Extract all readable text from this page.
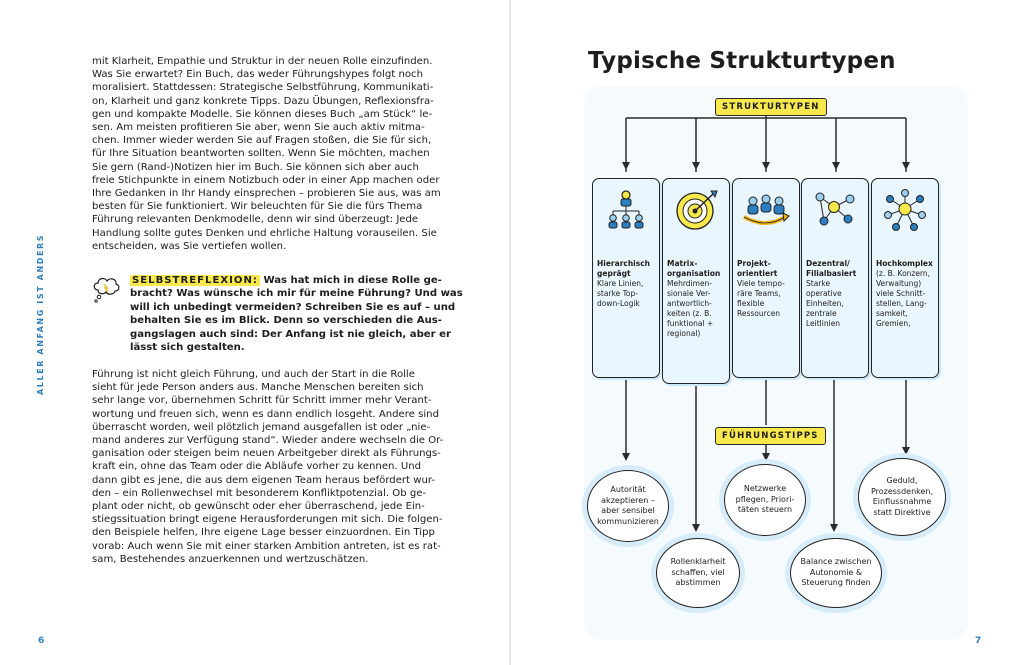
mit Klarheit, Empathie und Struktur in der neuen Rolle einzufinden.
Was Sie erwartet? Ein Buch, das weder Führungshypes folgt noch
moralisiert. Stattdessen: Strategische Selbstführung, Kommunikati-
on, Klarheit und ganz konkrete Tipps. Dazu Übungen, Reflexionsfra-
gen und kompakte Modelle. Sie können dieses Buch „am Stück“ le-
sen. Am meisten profitieren Sie aber, wenn Sie auch aktiv mitma-
chen. Immer wieder werden Sie auf Fragen stoßen, die Sie für sich,
für Ihre Situation beantworten sollten. Wenn Sie möchten, machen
Sie gern (Rand-)Notizen hier im Buch. Sie können sich aber auch
freie Stichpunkte in einem Notizbuch oder in einer App machen oder
Ihre Gedanken in Ihr Handy einsprechen – probieren Sie aus, was am
besten für Sie funktioniert. Wir beleuchten für Sie die fürs Thema
Führung relevanten Denkmodelle, denn wir sind überzeugt: Jede
Handlung sollte gutes Denken und ehrliche Haltung vorauseilen. Sie
entscheiden, was Sie vertiefen wollen.
SELBSTREFLEXION: Was hat mich in diese Rolle ge-
bracht? Was wünsche ich mir für meine Führung? Und was
will ich unbedingt vermeiden? Schreiben Sie es auf – und
behalten Sie es im Blick. Denn so verschieden die Aus-
gangslagen auch sind: Der Anfang ist nie gleich, aber er
lässt sich gestalten.
Führung ist nicht gleich Führung, und auch der Start in die Rolle
sieht für jede Person anders aus. Manche Menschen bereiten sich
sehr lange vor, übernehmen Schritt für Schritt immer mehr Verant-
wortung und freuen sich, wenn es dann endlich losgeht. Andere sind
überrascht worden, weil plötzlich jemand ausgefallen ist oder „nie-
mand anderes zur Verfügung stand“. Wieder andere wechseln die Or-
ganisation oder steigen beim neuen Arbeitgeber direkt als Führungs-
kraft ein, ohne das Team oder die Abläufe vorher zu kennen. Und
dann gibt es jene, die aus dem eigenen Team heraus befördert wur-
den – ein Rollenwechsel mit besonderem Konfliktpotenzial. Ob ge-
plant oder nicht, ob gewünscht oder eher überraschend, jede Ein-
stiegssituation bringt eigene Herausforderungen mit sich. Die folgen-
den Beispiele helfen, Ihre eigene Lage besser einzuordnen. Ein Tipp
vorab: Auch wenn Sie mit einer starken Ambition antreten, ist es rat-
sam, Bestehendes anzuerkennen und wertzuschätzen.
ALLER ANFANG IST ANDERS
6
Typische Strukturtypen
STRUKTURTYPEN
FÜHRUNGSTIPPS
Hierarchisch geprägt
Klare Linien, starke Top-down-Logik
Matrix-organisation
Mehrdimen-sionale Ver-antwortlich-keiten (z. B. funktional + regional)
Projekt-orientiert
Viele tempo-räre Teams, flexible Ressourcen
Dezentral/ Filialbasiert
Starke operative Einheiten, zentrale Leitlinien
Hochkomplex
(z. B. Konzern, Verwaltung) viele Schnitt-stellen, Lang-samkeit, Gremien,
Autorität akzeptieren – aber sensibel kommunizieren
Rollenklarheit schaffen, viel abstimmen
Netzwerke pflegen, Priori-täten steuern
Balance zwischen Autonomie & Steuerung finden
Geduld, Prozessdenken, Einflussnahme statt Direktive
7
